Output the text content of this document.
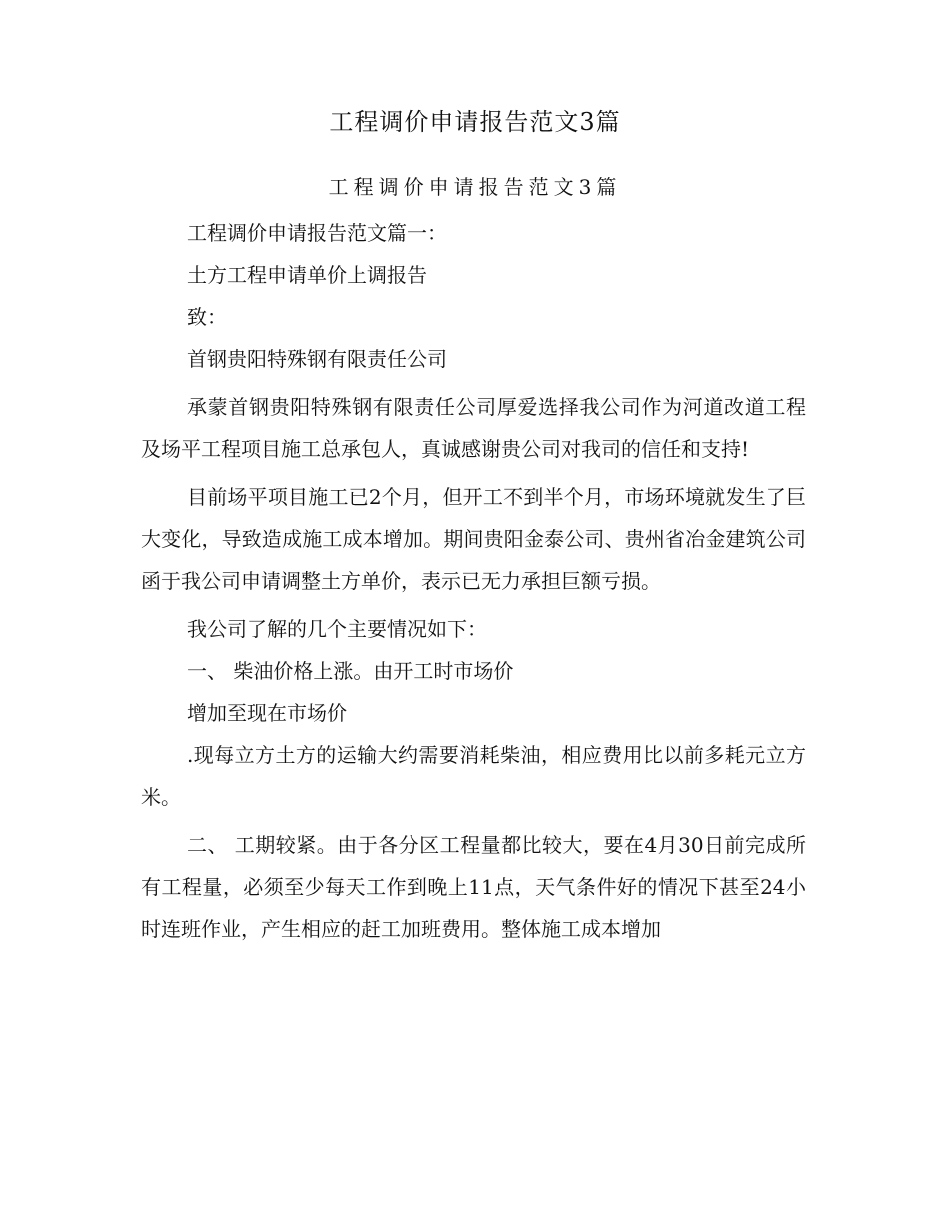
工程调价申请报告范文3篇
工程调价申请报告范文3篇

工程调价申请报告范文篇一：

土方工程申请单价上调报告

致：

首钢贵阳特殊钢有限责任公司

承蒙首钢贵阳特殊钢有限责任公司厚爱选择我公司作为河道改道工程及场平工程项目施工总承包人，真诚感谢贵公司对我司的信任和支持!

目前场平项目施工已2个月，但开工不到半个月，市场环境就发生了巨大变化，导致造成施工成本增加。期间贵阳金泰公司、贵州省冶金建筑公司函于我公司申请调整土方单价，表示已无力承担巨额亏损。

我公司了解的几个主要情况如下：

一、 柴油价格上涨。由开工时市场价

增加至现在市场价

.现每立方土方的运输大约需要消耗柴油，相应费用比以前多耗元立方米。

二、 工期较紧。由于各分区工程量都比较大，要在4月30日前完成所有工程量，必须至少每天工作到晚上11点，天气条件好的情况下甚至24小时连班作业，产生相应的赶工加班费用。整体施工成本增加
